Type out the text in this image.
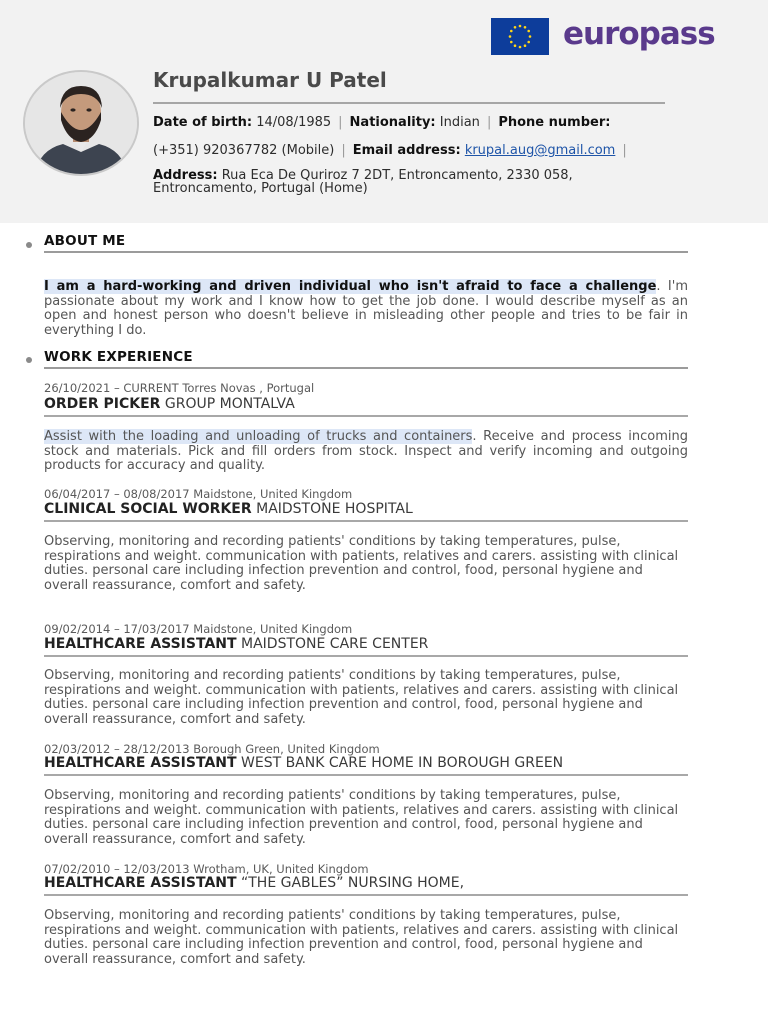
europass
Krupalkumar U Patel
Date of birth: 14/08/1985 | Nationality: Indian | Phone number:
(+351) 920367782 (Mobile) | Email address: krupal.aug@gmail.com |
Address: Rua Eca De Quriroz 7 2DT, Entroncamento, 2330 058, Entroncamento, Portugal (Home)
ABOUT ME
I am a hard-working and driven individual who isn't afraid to face a challenge. I'm passionate about my work and I know how to get the job done. I would describe myself as an open and honest person who doesn't believe in misleading other people and tries to be fair in everything I do.
WORK EXPERIENCE
26/10/2021 – CURRENT Torres Novas , Portugal
ORDER PICKER GROUP MONTALVA
Assist with the loading and unloading of trucks and containers. Receive and process incoming stock and materials. Pick and fill orders from stock. Inspect and verify incoming and outgoing products for accuracy and quality.
06/04/2017 – 08/08/2017 Maidstone, United Kingdom
CLINICAL SOCIAL WORKER MAIDSTONE HOSPITAL
Observing, monitoring and recording patients' conditions by taking temperatures, pulse, respirations and weight. communication with patients, relatives and carers. assisting with clinical duties. personal care including infection prevention and control, food, personal hygiene and overall reassurance, comfort and safety.
09/02/2014 – 17/03/2017 Maidstone, United Kingdom
HEALTHCARE ASSISTANT MAIDSTONE CARE CENTER
Observing, monitoring and recording patients' conditions by taking temperatures, pulse, respirations and weight. communication with patients, relatives and carers. assisting with clinical duties. personal care including infection prevention and control, food, personal hygiene and overall reassurance, comfort and safety.
02/03/2012 – 28/12/2013 Borough Green, United Kingdom
HEALTHCARE ASSISTANT WEST BANK CARE HOME IN BOROUGH GREEN
Observing, monitoring and recording patients' conditions by taking temperatures, pulse, respirations and weight. communication with patients, relatives and carers. assisting with clinical duties. personal care including infection prevention and control, food, personal hygiene and overall reassurance, comfort and safety.
07/02/2010 – 12/03/2013 Wrotham, UK, United Kingdom
HEALTHCARE ASSISTANT “THE GABLES” NURSING HOME,
Observing, monitoring and recording patients' conditions by taking temperatures, pulse, respirations and weight. communication with patients, relatives and carers. assisting with clinical duties. personal care including infection prevention and control, food, personal hygiene and overall reassurance, comfort and safety.
